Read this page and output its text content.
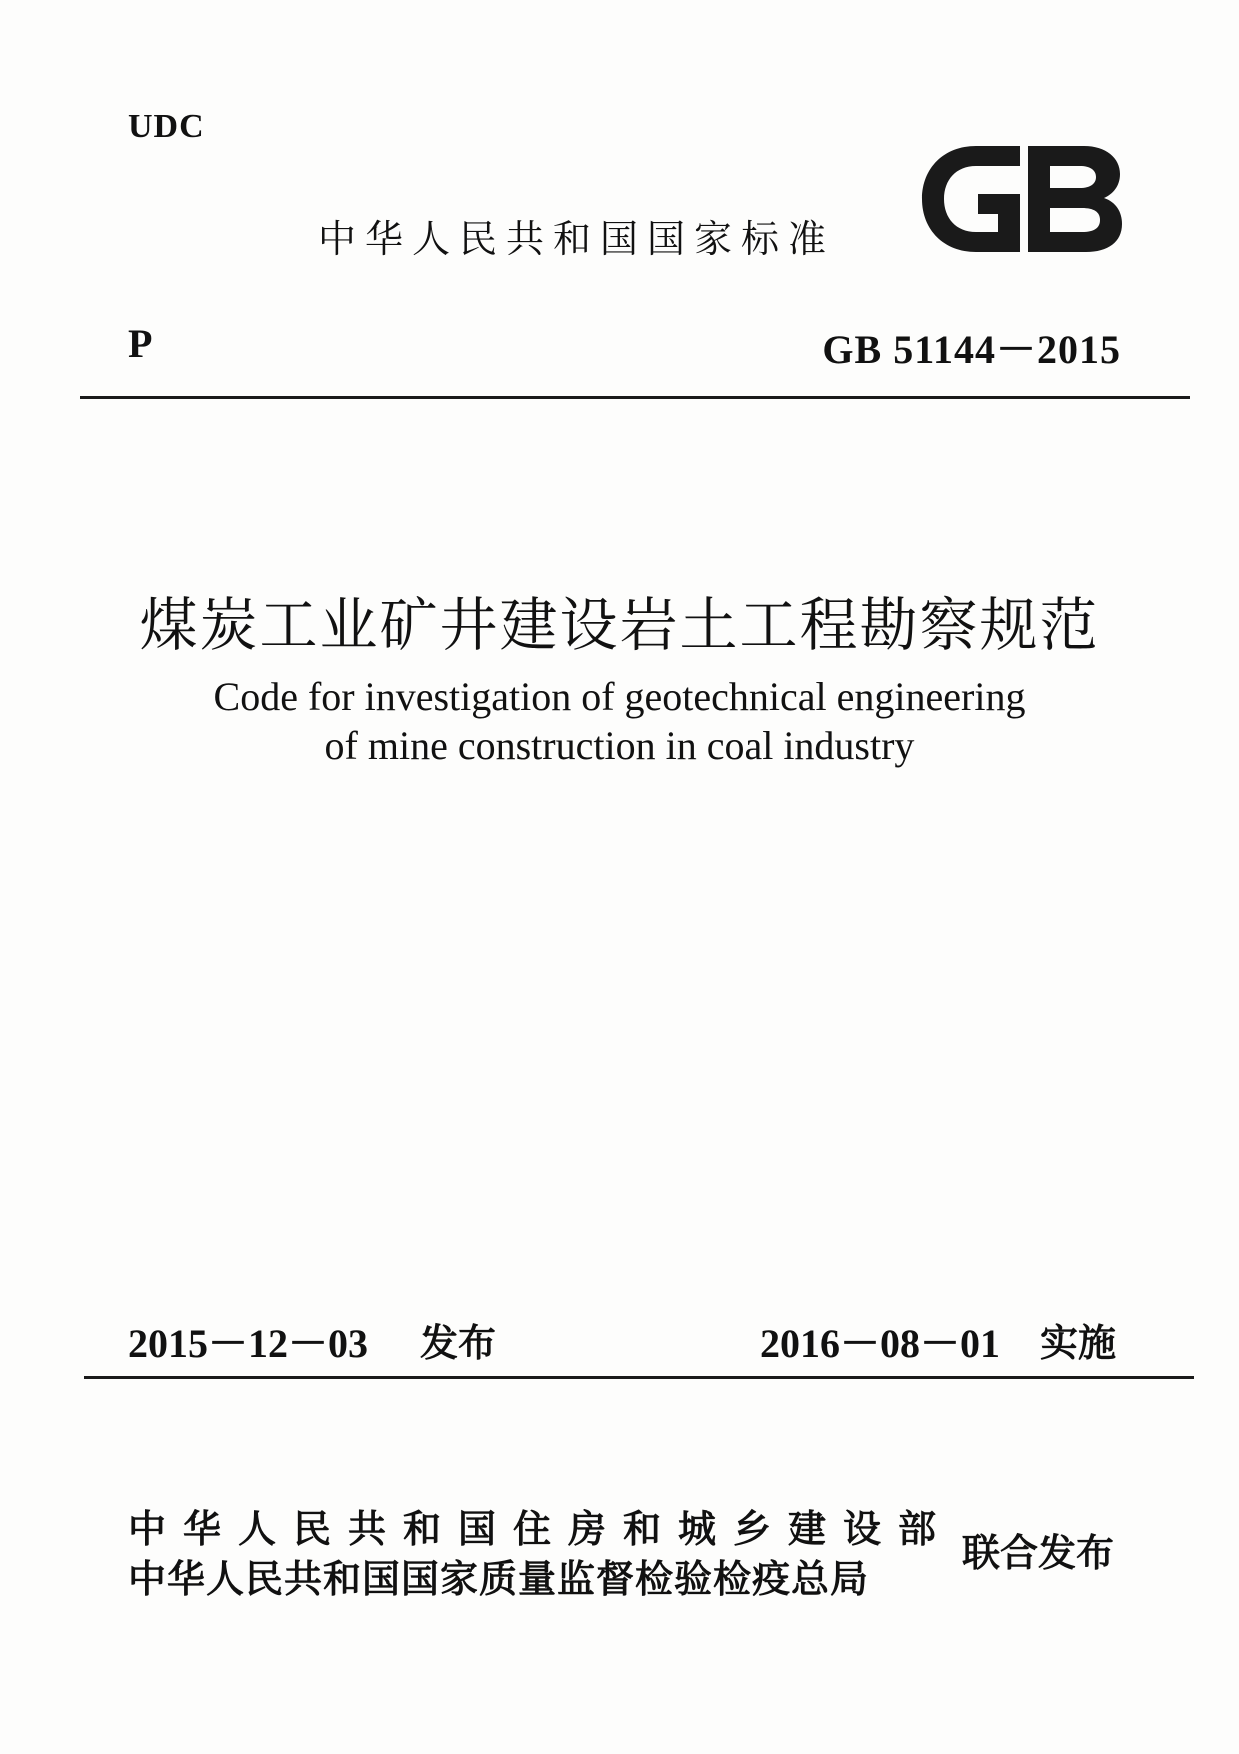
UDC
中华人民共和国国家标准
P	GB 51144－2015
煤炭工业矿井建设岩土工程勘察规范
Code for investigation of geotechnical engineering
of mine construction in coal industry
2015－12－03 发布	2016－08－01 实施
中华人民共和国住房和城乡建设部
中华人民共和国国家质量监督检验检疫总局
联合发布
